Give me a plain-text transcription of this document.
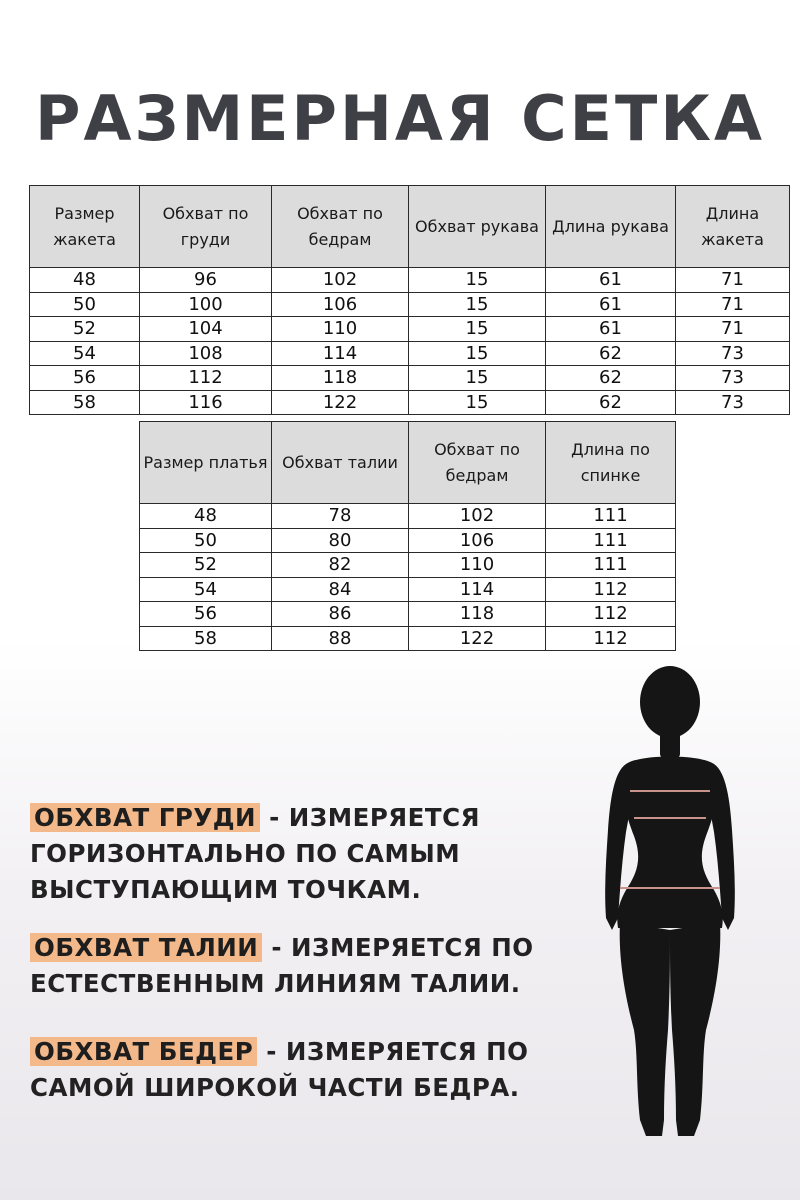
РАЗМЕРНАЯ СЕТКА
Размер жакета	Обхват по груди	Обхват по бедрам	Обхват рукава	Длина рукава	Длина жакета
48	96	102	15	61	71
50	100	106	15	61	71
52	104	110	15	61	71
54	108	114	15	62	73
56	112	118	15	62	73
58	116	122	15	62	73
Размер платья	Обхват талии	Обхват по бедрам	Длина по спинке
48	78	102	111
50	80	106	111
52	82	110	111
54	84	114	112
56	86	118	112
58	88	122	112
ОБХВАТ ГРУДИ - ИЗМЕРЯЕТСЯ ГОРИЗОНТАЛЬНО ПО САМЫМ ВЫСТУПАЮЩИМ ТОЧКАМ.
ОБХВАТ ТАЛИИ - ИЗМЕРЯЕТСЯ ПО ЕСТЕСТВЕННЫМ ЛИНИЯМ ТАЛИИ.
ОБХВАТ БЕДЕР - ИЗМЕРЯЕТСЯ ПО САМОЙ ШИРОКОЙ ЧАСТИ БЕДРА.
